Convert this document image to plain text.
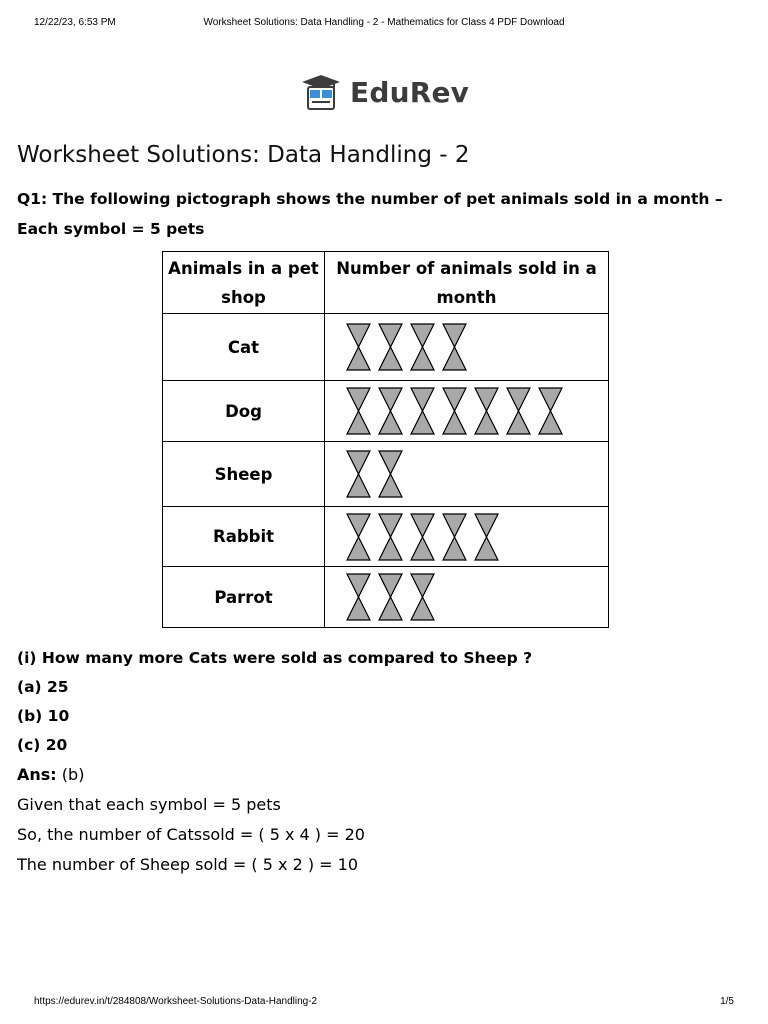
12/22/23, 6:53 PM	Worksheet Solutions: Data Handling - 2 - Mathematics for Class 4 PDF Download
EduRev
Worksheet Solutions: Data Handling - 2
Q1: The following pictograph shows the number of pet animals sold in a month –
Each symbol = 5 pets
Animals in a pet
shop
Number of animals sold in a
month
Cat
Dog
Sheep
Rabbit
Parrot
(i) How many more Cats were sold as compared to Sheep ?
(a) 25
(b) 10
(c) 20
Ans: (b)
Given that each symbol = 5 pets
So, the number of Catssold = ( 5 x 4 ) = 20
The number of Sheep sold = ( 5 x 2 ) = 10
https://edurev.in/t/284808/Worksheet-Solutions-Data-Handling-2	1/5
